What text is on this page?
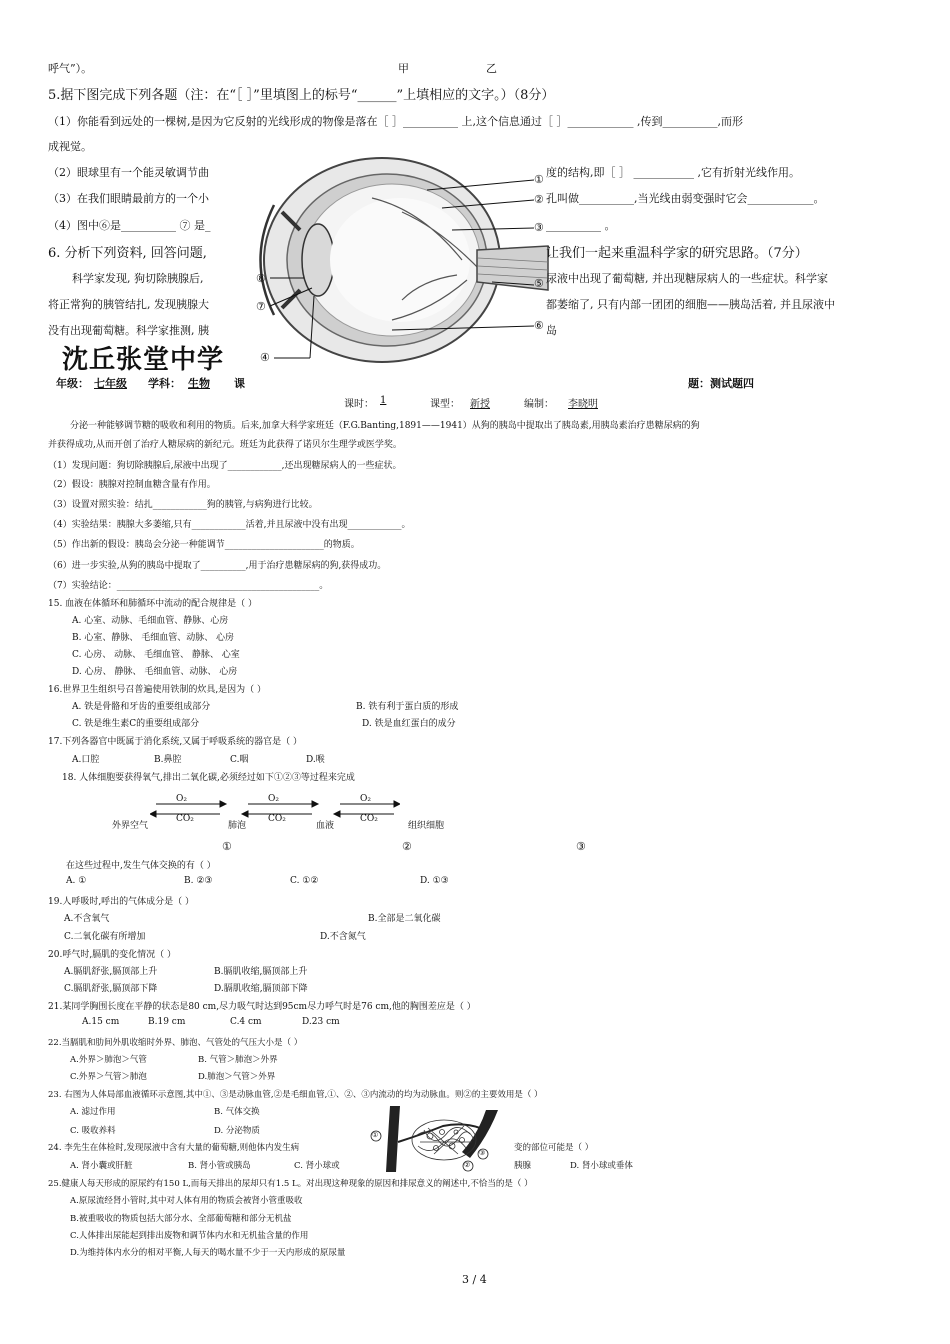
呼气”）。	甲	乙
5.据下图完成下列各题（注：在“［ ］”里填图上的标号“______”上填相应的文字。）（8分）
（1）你能看到远处的一棵树,是因为它反射的光线形成的物像是落在［ ］__________ 上,这个信息通过［ ］____________ ,传到__________,而形
成视觉。
（2）眼球里有一个能灵敏调节曲	度的结构,即［ ］ ___________ ,它有折射光线作用。
（3）在我们眼睛最前方的一个小	孔叫做__________,当光线由弱变强时它会____________。
（4）图中⑥是__________ ⑦ 是_	__________ 。
①
②
③
⑤
⑥
⑧
⑦
④
6. 分析下列资料, 回答问题,	让我们一起来重温科学家的研究思路。（7分）
科学家发现, 狗切除胰腺后,	尿液中出现了葡萄糖, 并出现糖尿病人的一些症状。科学家
将正常狗的胰管结扎, 发现胰腺大	都萎缩了, 只有内部一团团的细胞——胰岛活着, 并且尿液中
没有出现葡萄糖。科学家推测, 胰	岛
沈丘张堂中学
年级： 七年级 学科： 生物 课	题：测试题四
课时： 1	课型： 新授	编制： 李晓明
分泌一种能够调节糖的吸收和利用的物质。后来,加拿大科学家班廷（F.G.Banting,1891——1941）从狗的胰岛中提取出了胰岛素,用胰岛素治疗患糖尿病的狗
并获得成功,从而开创了治疗人糖尿病的新纪元。班廷为此获得了诺贝尔生理学或医学奖。
（1）发现问题：狗切除胰腺后,尿液中出现了____________,还出现糖尿病人的一些症状。
（2）假设：胰腺对控制血糖含量有作用。
（3）设置对照实验：结扎____________狗的胰管,与病狗进行比较。
（4）实验结果：胰腺大多萎缩,只有____________活着,并且尿液中没有出现____________。
（5）作出新的假设：胰岛会分泌一种能调节______________________的物质。
（6）进一步实验,从狗的胰岛中提取了__________,用于治疗患糖尿病的狗,获得成功。
（7）实验结论：_____________________________________________。
15. 血液在体循环和肺循环中流动的配合规律是（ ）
A. 心室、动脉、毛细血管、静脉、心房
B. 心室、静脉、 毛细血管、动脉、 心房
C. 心房、 动脉、 毛细血管、 静脉、 心室
D. 心房、 静脉、 毛细血管、动脉、 心房
16.世界卫生组织号召普遍使用铁制的炊具,是因为（ ）
A. 铁是骨骼和牙齿的重要组成部分	B. 铁有利于蛋白质的形成
C. 铁是维生素C的重要组成部分	D. 铁是血红蛋白的成分
17.下列各器官中既属于消化系统,又属于呼吸系统的器官是（ ）
A.口腔	B.鼻腔	C.咽	D.喉
18. 人体细胞要获得氧气,排出二氧化碳,必须经过如下①②③等过程来完成
O₂
CO₂
O₂
CO₂
O₂
CO₂
外界空气	肺泡	血液	组织细胞
①	②	③
在这些过程中,发生气体交换的有（ ）
A. ①	B. ②③	C. ①②	D. ①③
19.人呼吸时,呼出的气体成分是（ ）
A.不含氧气	B.全部是二氧化碳
C.二氧化碳有所增加	D.不含氮气
20.呼气时,膈肌的变化情况（ ）
A.膈肌舒张,膈顶部上升	B.膈肌收缩,膈顶部上升
C.膈肌舒张,膈顶部下降	D.膈肌收缩,膈顶部下降
21.某同学胸围长度在平静的状态是80 cm,尽力吸气时达到95cm尽力呼气时是76 cm,他的胸围差应是（ ）
A.15 cm	B.19 cm	C.4 cm	D.23 cm
22.当膈肌和肋间外肌收缩时外界、肺泡、气管处的气压大小是（ ）
A.外界＞肺泡＞气管	B. 气管＞肺泡＞外界
C.外界＞气管＞肺泡	D.肺泡＞气管＞外界
23. 右图为人体局部血液循环示意图,其中①、③是动脉血管,②是毛细血管,①、②、③内流动的均为动脉血。则②的主要效用是（ ）
A. 滤过作用	B. 气体交换
C. 吸收养料	D. 分泌物质	①
②
③
24. 李先生在体检时,发现尿液中含有大量的葡萄糖,则他体内发生病	变的部位可能是（ ）
A. 肾小囊或肝脏	B. 肾小管或胰岛	C. 肾小球或	胰腺	D. 肾小球或垂体
25.健康人每天形成的原尿约有150 L,而每天排出的尿却只有1.5 L。对出现这种现象的原因和排尿意义的阐述中,不恰当的是（ ）
A.原尿流经肾小管时,其中对人体有用的物质会被肾小管重吸收
B.被重吸收的物质包括大部分水、全部葡萄糖和部分无机盐
C.人体排出尿能起到排出废物和调节体内水和无机盐含量的作用
D.为维持体内水分的相对平衡,人每天的喝水量不少于一天内形成的原尿量
3 / 4
